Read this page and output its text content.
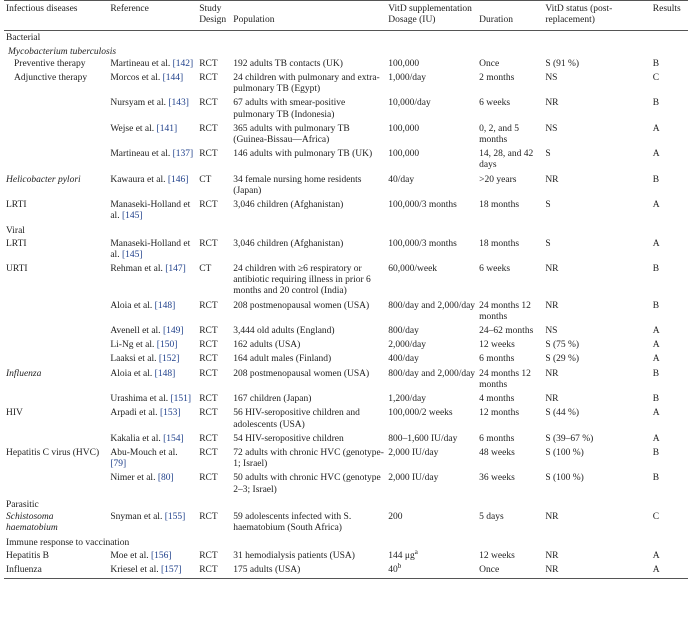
Infectious diseases	Reference	Study		VitD supplementation		VitD status (post-replacement)	Results
		Design	Population	Dosage (IU)	Duration		
Bacterial							
Mycobacterium tuberculosis							
Preventive therapy	Martineau et al. [142]	RCT	192 adults TB contacts (UK)	100,000	Once	S (91 %)	B
Adjunctive therapy	Morcos et al. [144]	RCT	24 children with pulmonary and extra-pulmonary TB (Egypt)	1,000/day	2 months	NS	C
	Nursyam et al. [143]	RCT	67 adults with smear-positive pulmonary TB (Indonesia)	10,000/day	6 weeks	NR	B
	Wejse et al. [141]	RCT	365 adults with pulmonary TB (Guinea-Bissau—Africa)	100,000	0, 2, and 5 months	NS	A
	Martineau et al. [137]	RCT	146 adults with pulmonary TB (UK)	100,000	14, 28, and 42 days	S	A
Helicobacter pylori	Kawaura et al. [146]	CT	34 female nursing home residents (Japan)	40/day	>20 years	NR	B
LRTI	Manaseki-Holland et al. [145]	RCT	3,046 children (Afghanistan)	100,000/3 months	18 months	S	A
Viral							
LRTI	Manaseki-Holland et al. [145]	RCT	3,046 children (Afghanistan)	100,000/3 months	18 months	S	A
URTI	Rehman et al. [147]	CT	24 children with ≥6 respiratory or antibiotic requiring illness in prior 6 months and 20 control (India)	60,000/week	6 weeks	NR	B
	Aloia et al. [148]	RCT	208 postmenopausal women (USA)	800/day and 2,000/day	24 months 12 months	NR	B
	Avenell et al. [149]	RCT	3,444 old adults (England)	800/day	24–62 months	NS	A
	Li-Ng et al. [150]	RCT	162 adults (USA)	2,000/day	12 weeks	S (75 %)	A
	Laaksi et al. [152]	RCT	164 adult males (Finland)	400/day	6 months	S (29 %)	A
Influenza	Aloia et al. [148]	RCT	208 postmenopausal women (USA)	800/day and 2,000/day	24 months 12 months	NR	B
	Urashima et al. [151]	RCT	167 children (Japan)	1,200/day	4 months	NR	B
HIV	Arpadi et al. [153]	RCT	56 HIV-seropositive children and adolescents (USA)	100,000/2 weeks	12 months	S (44 %)	A
	Kakalia et al. [154]	RCT	54 HIV-seropositive children	800–1,600 IU/day	6 months	S (39–67 %)	A
Hepatitis C virus (HVC)	Abu-Mouch et al. [79]	RCT	72 adults with chronic HVC (genotype-1; Israel)	2,000 IU/day	48 weeks	S (100 %)	B
	Nimer et al. [80]	RCT	50 adults with chronic HVC (genotype 2–3; Israel)	2,000 IU/day	36 weeks	S (100 %)	B
Parasitic							
Schistosoma haematobium	Snyman et al. [155]	RCT	59 adolescents infected with S. haematobium (South Africa)	200	5 days	NR	C
Immune response to vaccination							
Hepatitis B	Moe et al. [156]	RCT	31 hemodialysis patients (USA)	144 $\mu g^a$	12 weeks	NR	A
Influenza	Kriesel et al. [157]	RCT	175 adults (USA)	40$^b$	Once	NR	A
